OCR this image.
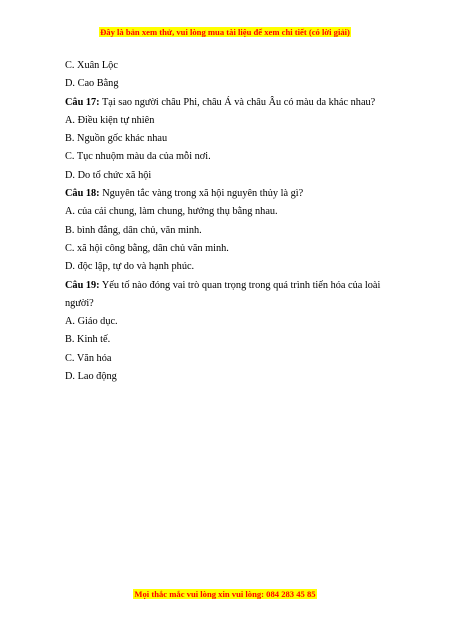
Đây là bản xem thử, vui lòng mua tài liệu để xem chi tiết (có lời giải)
C. Xuân Lộc
D. Cao Bằng
Câu 17: Tại sao người châu Phi, châu Á và châu Âu có màu da khác nhau?
A. Điều kiện tự nhiên
B. Nguồn gốc khác nhau
C. Tục nhuộm màu da của mỗi nơi.
D. Do tổ chức xã hội
Câu 18: Nguyên tắc vàng trong xã hội nguyên thủy là gì?
A. của cải chung, làm chung, hưởng thụ bằng nhau.
B. bình đẳng, dân chủ, văn minh.
C. xã hội công bằng, dân chủ văn minh.
D. độc lập, tự do và hạnh phúc.
Câu 19: Yếu tố nào đóng vai trò quan trọng trong quá trình tiến hóa của loài người?
A. Giáo dục.
B. Kinh tế.
C. Văn hóa
D. Lao động
Mọi thắc mắc vui lòng xin vui lòng: 084 283 45 85
